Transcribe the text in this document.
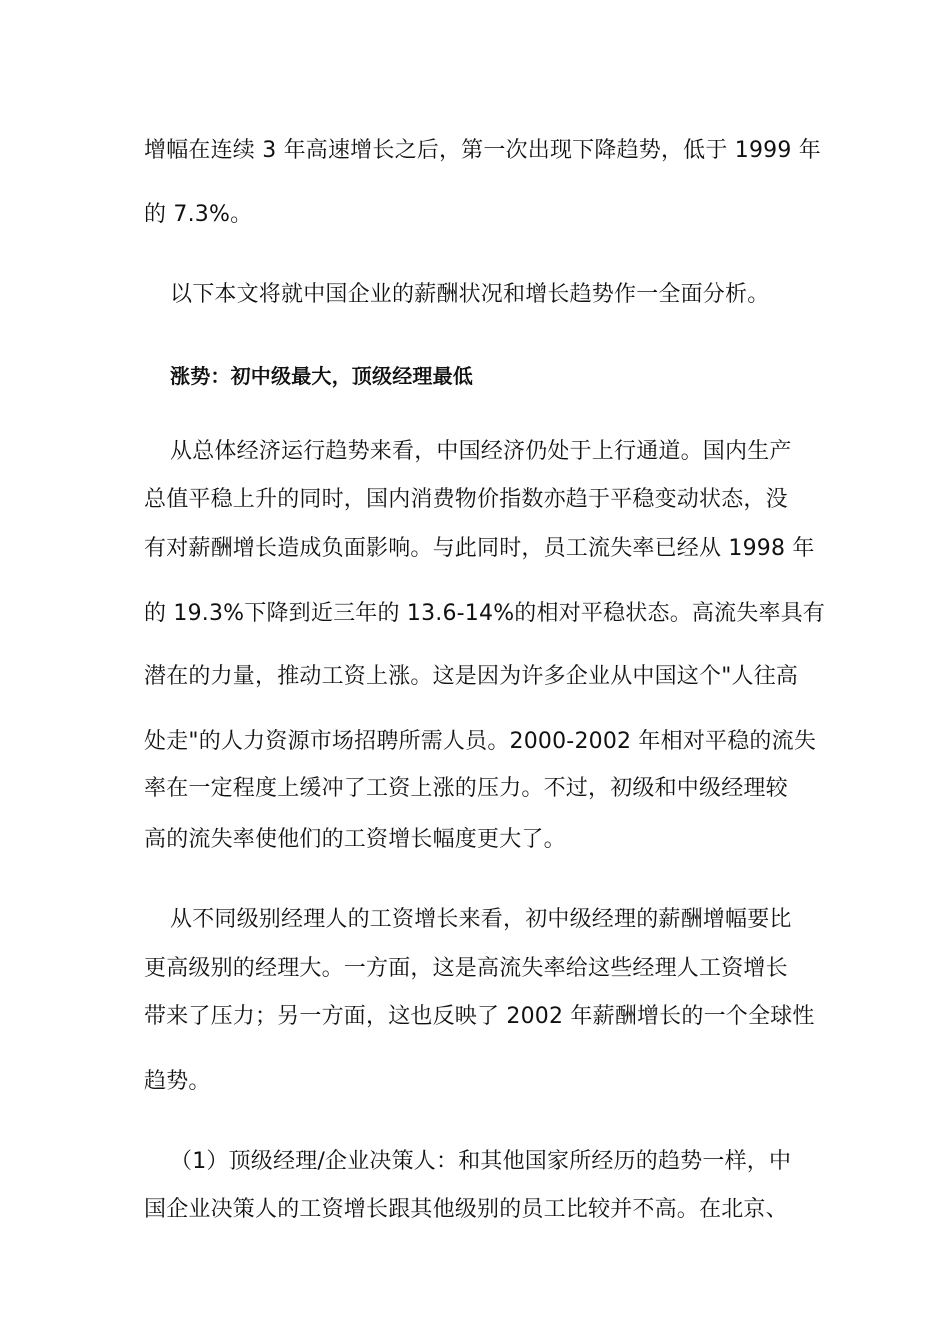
增幅在连续 3 年高速增长之后，第一次出现下降趋势，低于 1999 年
的 7.3%。
以下本文将就中国企业的薪酬状况和增长趋势作一全面分析。
涨势：初中级最大，顶级经理最低
从总体经济运行趋势来看，中国经济仍处于上行通道。国内生产
总值平稳上升的同时，国内消费物价指数亦趋于平稳变动状态，没
有对薪酬增长造成负面影响。与此同时，员工流失率已经从 1998 年
的 19.3%下降到近三年的 13.6-14%的相对平稳状态。高流失率具有
潜在的力量，推动工资上涨。这是因为许多企业从中国这个"人往高
处走"的人力资源市场招聘所需人员。2000-2002 年相对平稳的流失
率在一定程度上缓冲了工资上涨的压力。不过，初级和中级经理较
高的流失率使他们的工资增长幅度更大了。
从不同级别经理人的工资增长来看，初中级经理的薪酬增幅要比
更高级别的经理大。一方面，这是高流失率给这些经理人工资增长
带来了压力；另一方面，这也反映了 2002 年薪酬增长的一个全球性
趋势。
（1）顶级经理/企业决策人：和其他国家所经历的趋势一样，中
国企业决策人的工资增长跟其他级别的员工比较并不高。在北京、
